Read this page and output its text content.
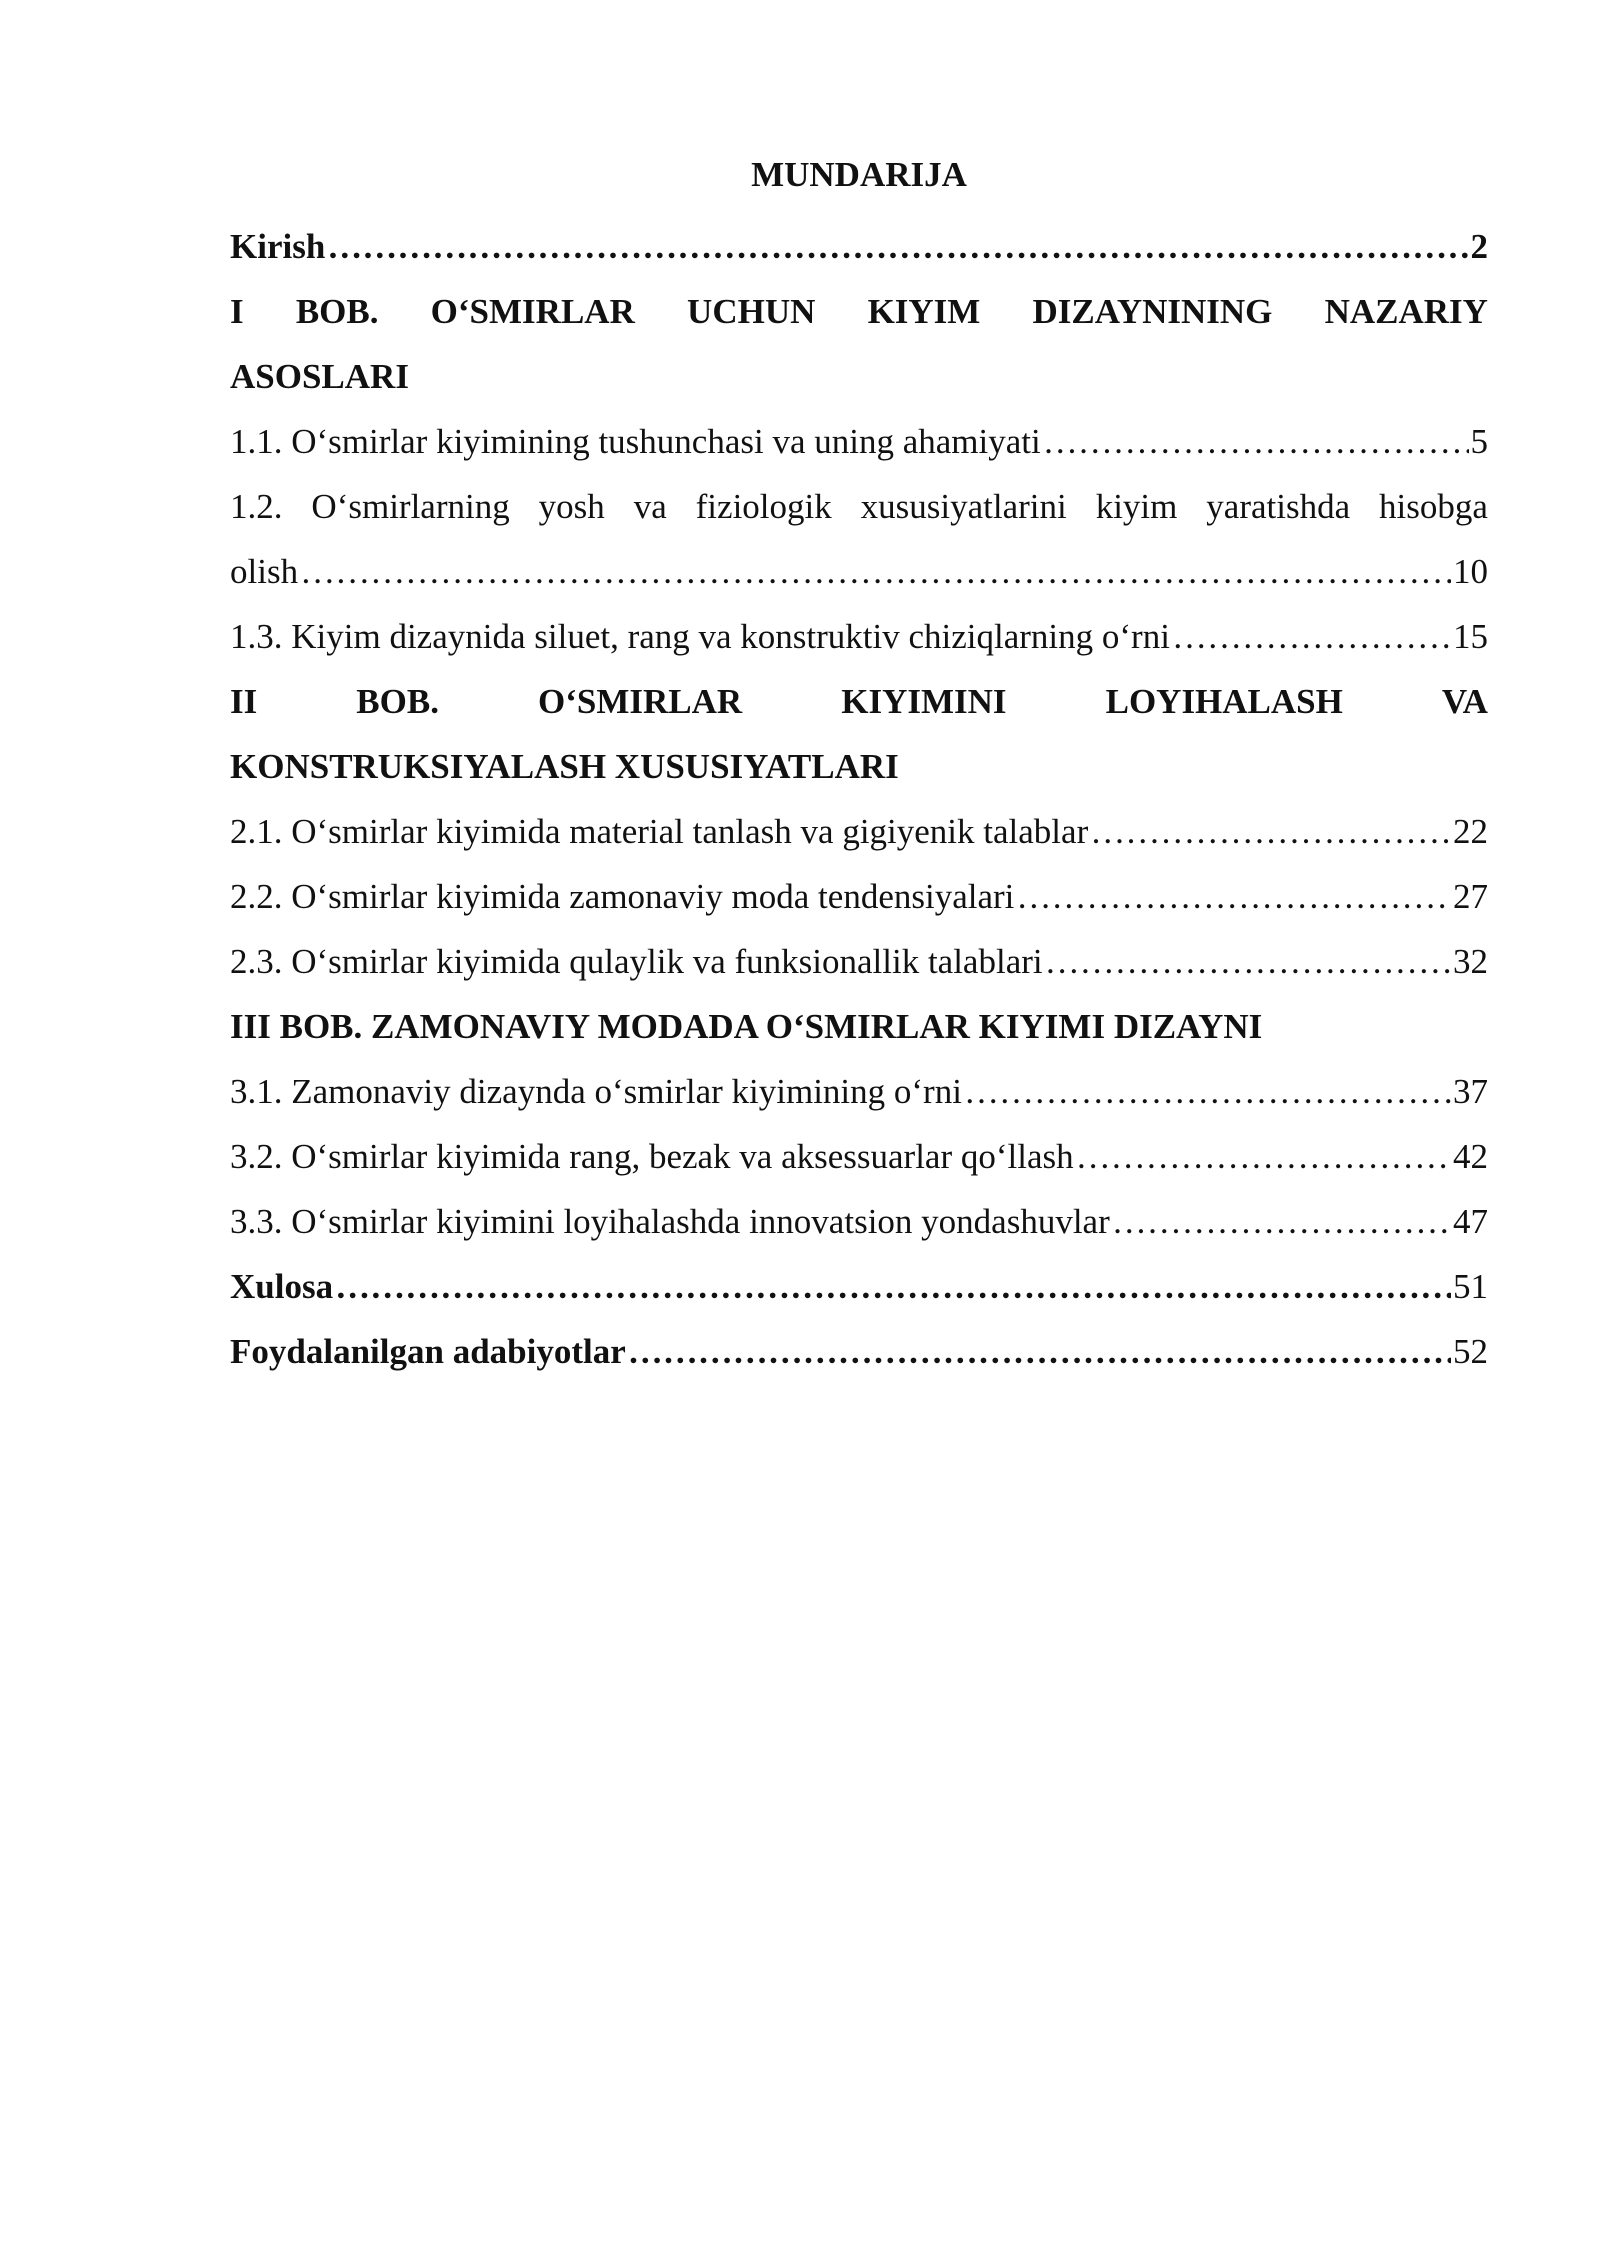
MUNDARIJA
Kirish ……………………………………………………………………………………………………………………………………………………………………………………………………………………………………	2
I BOB. O‘SMIRLAR UCHUN KIYIM DIZAYNINING NAZARIY
ASOSLARI
1.1. O‘smirlar kiyimining tushunchasi va uning ahamiyati ……………………………………………………………………………………………………………………………………………………………………………………………………………………………………	5
1.2. O‘smirlarning yosh va fiziologik xususiyatlarini kiyim yaratishda hisobga
olish ……………………………………………………………………………………………………………………………………………………………………………………………………………………………………	10
1.3. Kiyim dizaynida siluet, rang va konstruktiv chiziqlarning o‘rni ……………………………………………………………………………………………………………………………………………………………………………………………………………………………………	15
II	BOB.	O‘SMIRLAR	KIYIMINI	LOYIHALASH	VA
KONSTRUKSIYALASH XUSUSIYATLARI
2.1. O‘smirlar kiyimida material tanlash va gigiyenik talablar ……………………………………………………………………………………………………………………………………………………………………………………………………………………………………	22
2.2. O‘smirlar kiyimida zamonaviy moda tendensiyalari ……………………………………………………………………………………………………………………………………………………………………………………………………………………………………	27
2.3. O‘smirlar kiyimida qulaylik va funksionallik talablari ……………………………………………………………………………………………………………………………………………………………………………………………………………………………………	32
III BOB. ZAMONAVIY MODADA O‘SMIRLAR KIYIMI DIZAYNI
3.1. Zamonaviy dizaynda o‘smirlar kiyimining o‘rni ……………………………………………………………………………………………………………………………………………………………………………………………………………………………………	37
3.2. O‘smirlar kiyimida rang, bezak va aksessuarlar qo‘llash ……………………………………………………………………………………………………………………………………………………………………………………………………………………………………	42
3.3. O‘smirlar kiyimini loyihalashda innovatsion yondashuvlar ……………………………………………………………………………………………………………………………………………………………………………………………………………………………………	47
Xulosa ……………………………………………………………………………………………………………………………………………………………………………………………………………………………………	51
Foydalanilgan adabiyotlar ……………………………………………………………………………………………………………………………………………………………………………………………………………………………………	52
